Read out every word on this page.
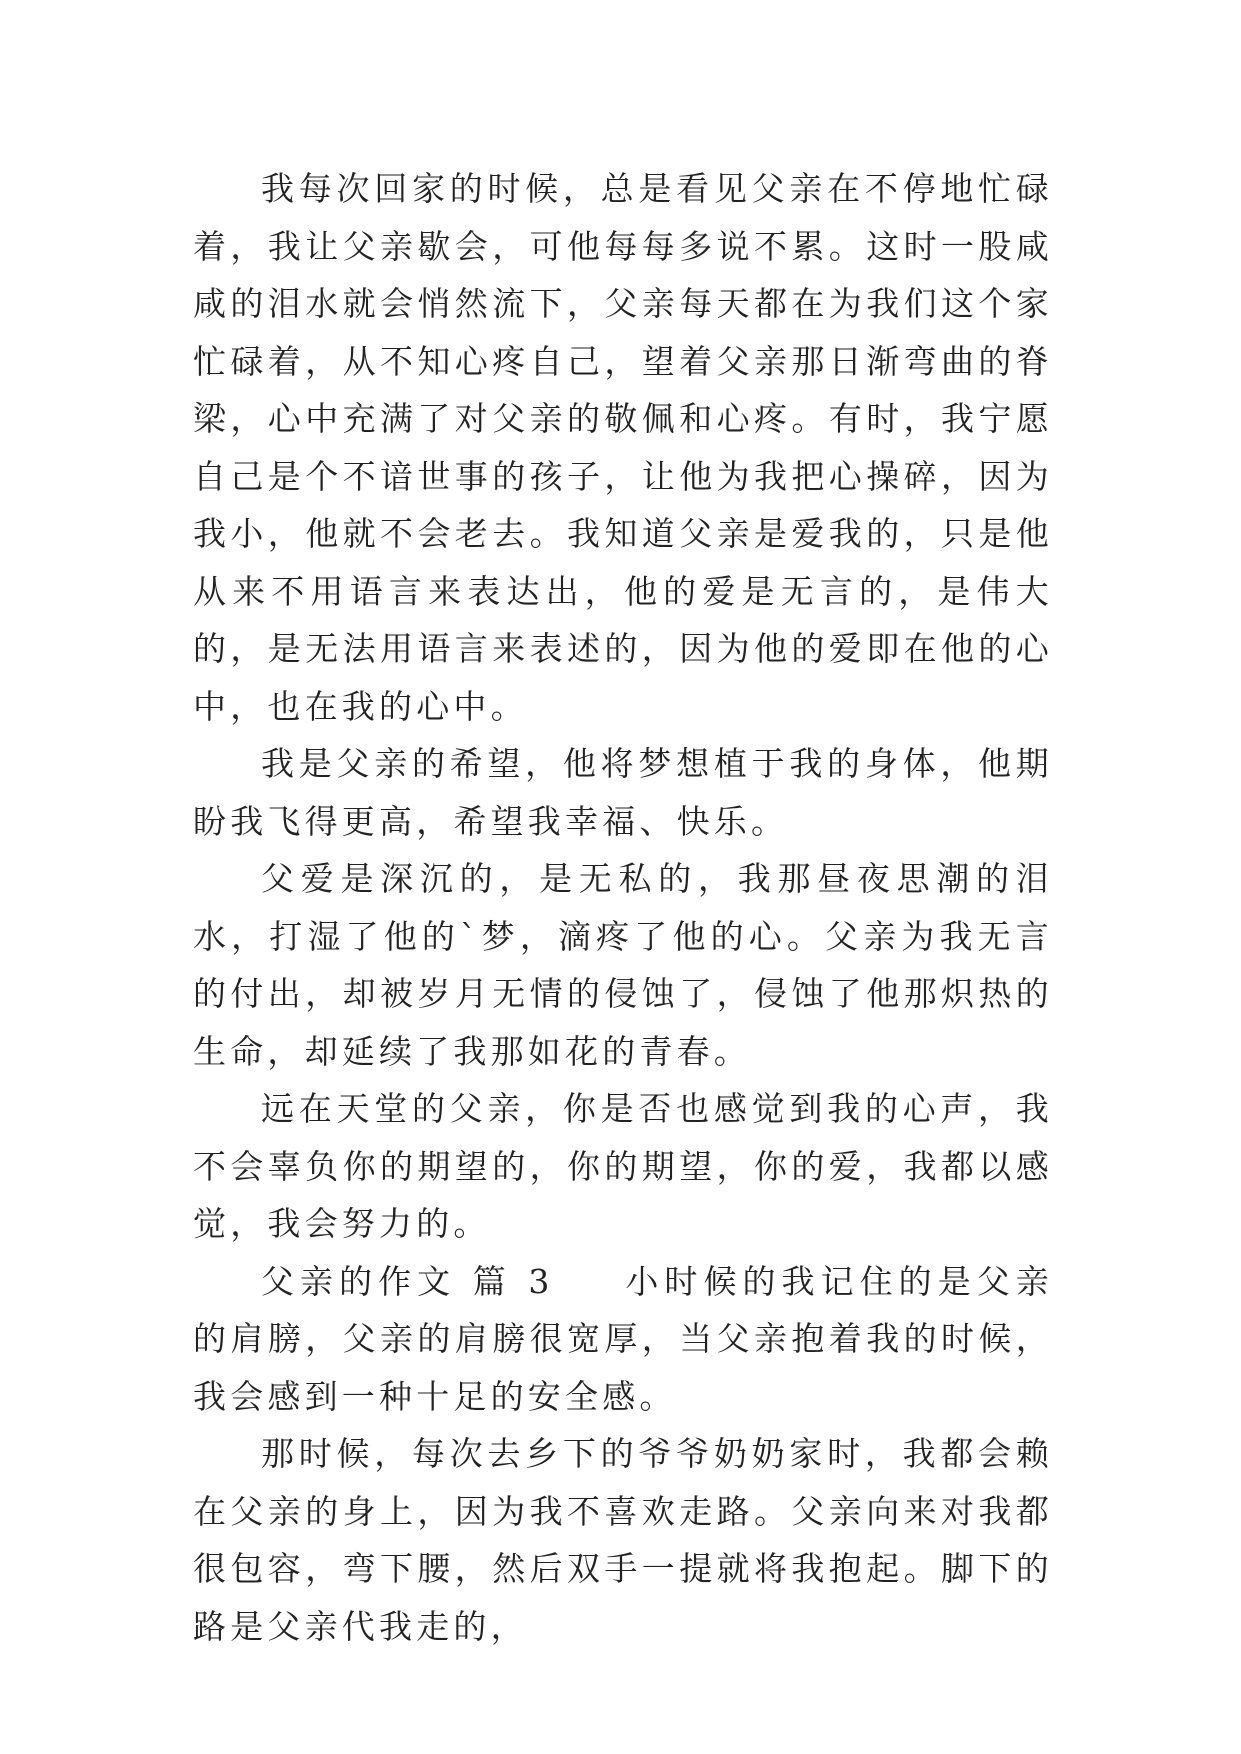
我每次回家的时候，总是看见父亲在不停地忙碌着，我让父亲歇会，可他每每多说不累。这时一股咸咸的泪水就会悄然流下，父亲每天都在为我们这个家忙碌着，从不知心疼自己，望着父亲那日渐弯曲的脊梁，心中充满了对父亲的敬佩和心疼。有时，我宁愿自己是个不谙世事的孩子，让他为我把心操碎，因为我小，他就不会老去。我知道父亲是爱我的，只是他从来不用语言来表达出，他的爱是无言的，是伟大的，是无法用语言来表述的，因为他的爱即在他的心中，也在我的心中。

我是父亲的希望，他将梦想植于我的身体，他期盼我飞得更高，希望我幸福、快乐。

父爱是深沉的，是无私的，我那昼夜思潮的泪水，打湿了他的`梦，滴疼了他的心。父亲为我无言的付出，却被岁月无情的侵蚀了，侵蚀了他那炽热的生命，却延续了我那如花的青春。

远在天堂的父亲，你是否也感觉到我的心声，我不会辜负你的期望的，你的期望，你的爱，我都以感觉，我会努力的。

父亲的作文 篇 3 小时候的我记住的是父亲的肩膀，父亲的肩膀很宽厚，当父亲抱着我的时候，我会感到一种十足的安全感。

那时候，每次去乡下的爷爷奶奶家时，我都会赖在父亲的身上，因为我不喜欢走路。父亲向来对我都很包容，弯下腰，然后双手一提就将我抱起。脚下的路是父亲代我走的，
